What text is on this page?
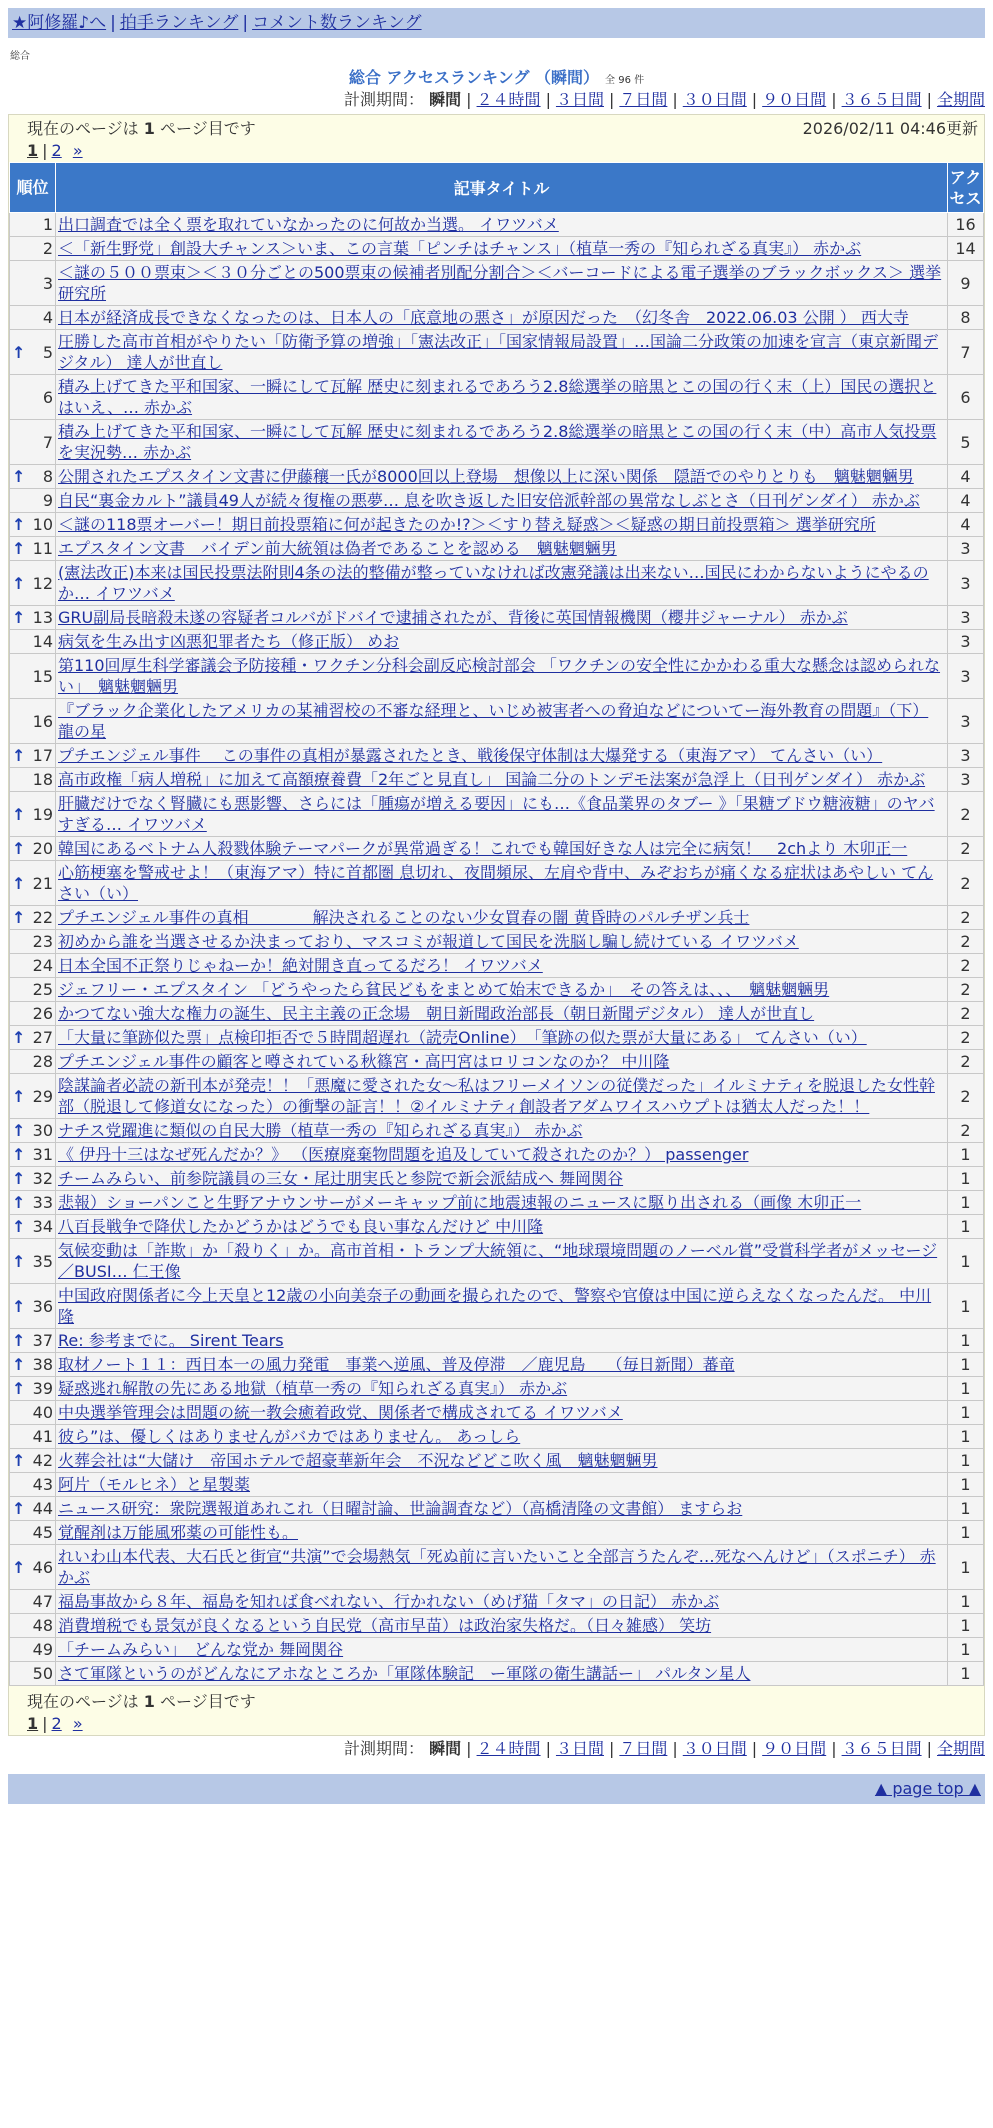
★阿修羅♪へ | 拍手ランキング | コメント数ランキング
総合
総合 アクセスランキング （瞬間） 全 96 件
計測期間： 瞬間 | ２４時間 | ３日間 | ７日間 | ３０日間 | ９０日間 | ３６５日間 | 全期間
2026/02/11 04:46更新
現在のページは 1 ページ目です
1 | 2 »
順位	記事タイトル	アクセス
1	出口調査では全く票を取れていなかったのに何故か当選。 イワツバメ	16
2	＜「新生野党」創設大チャンス＞いま、この言葉「ピンチはチャンス」（植草一秀の『知られざる真実』） 赤かぶ	14
3	＜謎の５００票束＞＜３０分ごとの500票束の候補者別配分割合＞＜バーコードによる電子選挙のブラックボックス＞ 選挙研究所	9
4	日本が経済成長できなくなったのは、日本人の「底意地の悪さ」が原因だった　（幻冬舎　2022.06.03 公開 ） 西大寺	8

↑ 5	圧勝した高市首相がやりたい「防衛予算の増強」「憲法改正」「国家情報局設置」…国論二分政策の加速を宣言（東京新聞デジタル） 達人が世直し	7
6	積み上げてきた平和国家、一瞬にして瓦解 歴史に刻まれるであろう2.8総選挙の暗黒とこの国の行く末（上）国民の選択とはいえ、… 赤かぶ	6
7	積み上げてきた平和国家、一瞬にして瓦解 歴史に刻まれるであろう2.8総選挙の暗黒とこの国の行く末（中）高市人気投票を実況勢… 赤かぶ	5

↑ 8	公開されたエプスタイン文書に伊藤穰一氏が8000回以上登場　想像以上に深い関係　隠語でのやりとりも　魑魅魍魎男	4
9	自民“裏金カルト”議員49人が続々復権の悪夢… 息を吹き返した旧安倍派幹部の異常なしぶとさ（日刊ゲンダイ） 赤かぶ	4

↑ 10	＜謎の118票オーバー！期日前投票箱に何が起きたのか!?＞＜すり替え疑惑＞＜疑惑の期日前投票箱＞ 選挙研究所	4

↑ 11	エプスタイン文書　バイデン前大統領は偽者であることを認める　魑魅魍魎男	3

↑ 12	(憲法改正)本来は国民投票法附則4条の法的整備が整っていなければ改憲発議は出来ない…国民にわからないようにやるのか… イワツバメ	3

↑ 13	GRU副局長暗殺未遂の容疑者コルバがドバイで逮捕されたが、背後に英国情報機関（櫻井ジャーナル） 赤かぶ	3
14	病気を生み出す凶悪犯罪者たち（修正版） めお	3
15	第110回厚生科学審議会予防接種・ワクチン分科会副反応検討部会 「ワクチンの安全性にかかわる重大な懸念は認められない」　魑魅魍魎男	3
16	『ブラック企業化したアメリカの某補習校の不審な経理と、いじめ被害者への脅迫などについてー海外教育の問題』（下） 龍の星	3

↑ 17	プチエンジェル事件　 この事件の真相が暴露されたとき、戦後保守体制は大爆発する（東海アマ） てんさい（い）	3
18	高市政権「病人増税」に加えて高額療養費「2年ごと見直し」 国論二分のトンデモ法案が急浮上（日刊ゲンダイ） 赤かぶ	3

↑ 19	肝臓だけでなく腎臓にも悪影響、さらには「腫瘍が増える要因」にも…《食品業界のタブー 》「果糖ブドウ糖液糖」のヤバすぎる… イワツバメ	2

↑ 20	韓国にあるベトナム人殺戮体験テーマパークが異常過ぎる！これでも韓国好きな人は完全に病気！　2chより 木卯正一	2

↑ 21	心筋梗塞を警戒せよ！（東海アマ）特に首都圏 息切れ、夜間頻尿、左肩や背中、みぞおちが痛くなる症状はあやしい てんさい（い）	2

↑ 22	プチエンジェル事件の真相　　　　解決されることのない少女買春の闇 黄昏時のパルチザン兵士	2
23	初めから誰を当選させるか決まっており、マスコミが報道して国民を洗脳し騙し続けている イワツバメ	2
24	日本全国不正祭りじゃねーか！絶対開き直ってるだろ！ イワツバメ	2
25	ジェフリー・エプスタイン 「どうやったら貧民どもをまとめて始末できるか」　その答えは、、、　魑魅魍魎男	2
26	かつてない強大な権力の誕生、民主主義の正念場　朝日新聞政治部長（朝日新聞デジタル） 達人が世直し	2

↑ 27	「大量に筆跡似た票」点検印拒否で５時間超遅れ（読売Online）　「筆跡の似た票が大量にある」 てんさい（い）	2
28	プチエンジェル事件の顧客と噂されている秋篠宮・高円宮はロリコンなのか？ 中川隆	2

↑ 29	陰謀論者必読の新刊本が発売！！「悪魔に愛された女〜私はフリーメイソンの従僕だった」イルミナティを脱退した女性幹部（脱退して修道女になった）の衝撃の証言！！②イルミナティ創設者アダムワイスハウプトは猶太人だった！！	2

↑ 30	ナチス党躍進に類似の自民大勝（植草一秀の『知られざる真実』） 赤かぶ	2

↑ 31	《 伊丹十三はなぜ死んだか？》 （医療廃棄物問題を追及していて殺されたのか？） passenger	1

↑ 32	チームみらい、前参院議員の三女・尾辻朋実氏と参院で新会派結成へ 舞岡関谷	1

↑ 33	悲報）ショーパンこと生野アナウンサーがメーキャップ前に地震速報のニュースに駆り出される（画像 木卯正一	1

↑ 34	八百長戦争で降伏したかどうかはどうでも良い事なんだけど 中川隆	1

↑ 35	気候変動は「詐欺」か「殺りく」か。高市首相・トランプ大統領に、“地球環境問題のノーベル賞”受賞科学者がメッセージ／BUSI… 仁王像	1

↑ 36	中国政府関係者に今上天皇と12歳の小向美奈子の動画を撮られたので、警察や官僚は中国に逆らえなくなったんだ。 中川隆	1

↑ 37	Re: 参考までに。 Sirent Tears	1

↑ 38	取材ノート１１：西日本一の風力発電　事業へ逆風、普及停滞　／鹿児島　 （毎日新聞）蕃竜	1

↑ 39	疑惑逃れ解散の先にある地獄（植草一秀の『知られざる真実』） 赤かぶ	1
40	中央選挙管理会は問題の統一教会癒着政党、関係者で構成されてる イワツバメ	1
41	彼ら”は、優しくはありませんがバカではありません。 あっしら	1

↑ 42	火葬会社は“大儲け　帝国ホテルで超豪華新年会　不況などどこ吹く風　魑魅魍魎男	1
43	阿片（モルヒネ）と星製薬	1

↑ 44	ニュース研究：衆院選報道あれこれ（日曜討論、世論調査など）（高橋清隆の文書館） ますらお	1
45	覚醒剤は万能風邪薬の可能性も。	1

↑ 46	れいわ山本代表、大石氏と街宣“共演”で会場熱気「死ぬ前に言いたいこと全部言うたんぞ…死なへんけど」（スポニチ） 赤かぶ	1
47	福島事故から８年、福島を知れば食べれない、行かれない（めげ猫「タマ」の日記） 赤かぶ	1
48	消費増税でも景気が良くなるという自民党（高市早苗）は政治家失格だ。（日々雑感） 笑坊	1
49	「チームみらい」　どんな党か 舞岡関谷	1
50	さて軍隊というのがどんなにアホなところか「軍隊体験記　ー軍隊の衛生講話ー」 パルタン星人	1
現在のページは 1 ページ目です
1 | 2 »
計測期間： 瞬間 | ２４時間 | ３日間 | ７日間 | ３０日間 | ９０日間 | ３６５日間 | 全期間
▲ page top ▲
